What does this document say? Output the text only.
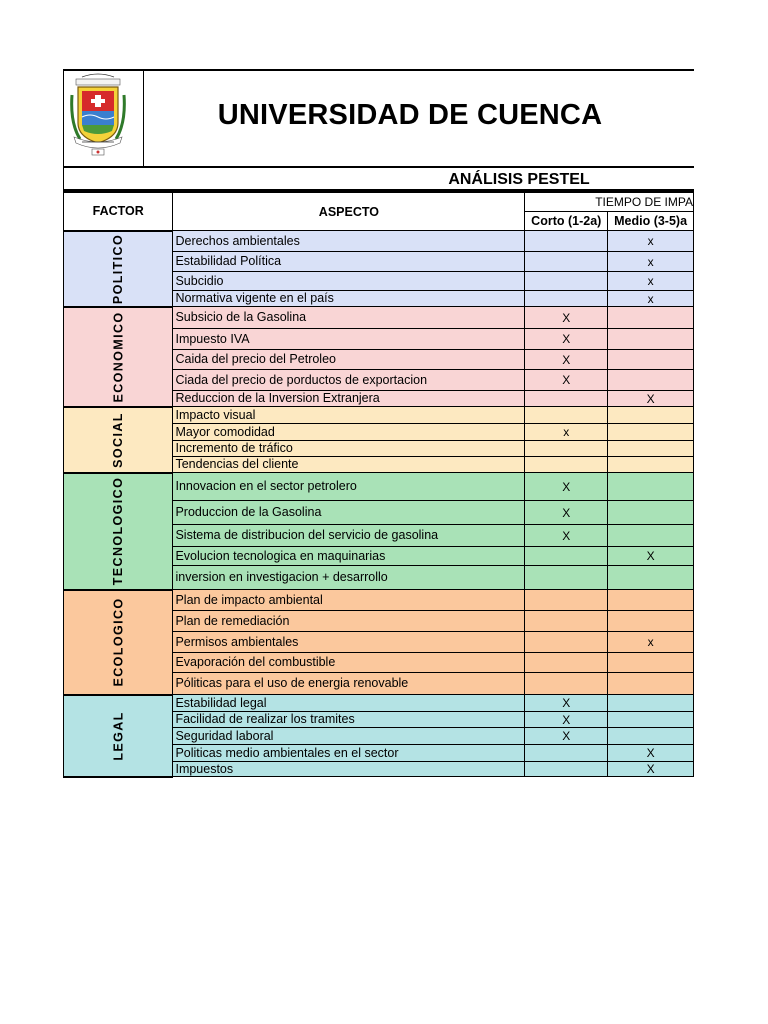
UNIVERSIDAD DE CUENCA
ANÁLISIS PESTEL
FACTOR	ASPECTO	TIEMPO DE IMPA	
		Corto (1-2a)	Medio (3-5)a
POLITICO	Derechos ambientales		x
	Estabilidad Política		x
	Subcidio		x
	Normativa vigente en el país		x
ECONOMICO	Subsicio de la Gasolina	X	
	Impuesto IVA	X	
	Caida del precio del Petroleo	X	
	Ciada del precio de porductos de exportacion	X	
	Reduccion de la Inversion Extranjera		X
SOCIAL	Impacto visual		
	Mayor comodidad	x	
	Incremento de tráfico		
	Tendencias del cliente		
TECNOLOGICO	Innovacion en el sector petrolero	X	
	Produccion de la Gasolina	X	
	Sistema de distribucion del servicio de gasolina	X	
	Evolucion tecnologica en maquinarias		X
	inversion en investigacion + desarrollo		
ECOLOGICO	Plan de impacto ambiental		
	Plan de remediación		
	Permisos ambientales		x
	Evaporación del combustible		
	Póliticas para el uso de energia renovable		
LEGAL	Estabilidad legal	X	
	Facilidad de realizar los tramites	X	
	Seguridad laboral	X	
	Politicas medio ambientales en el sector		X
	Impuestos		X
